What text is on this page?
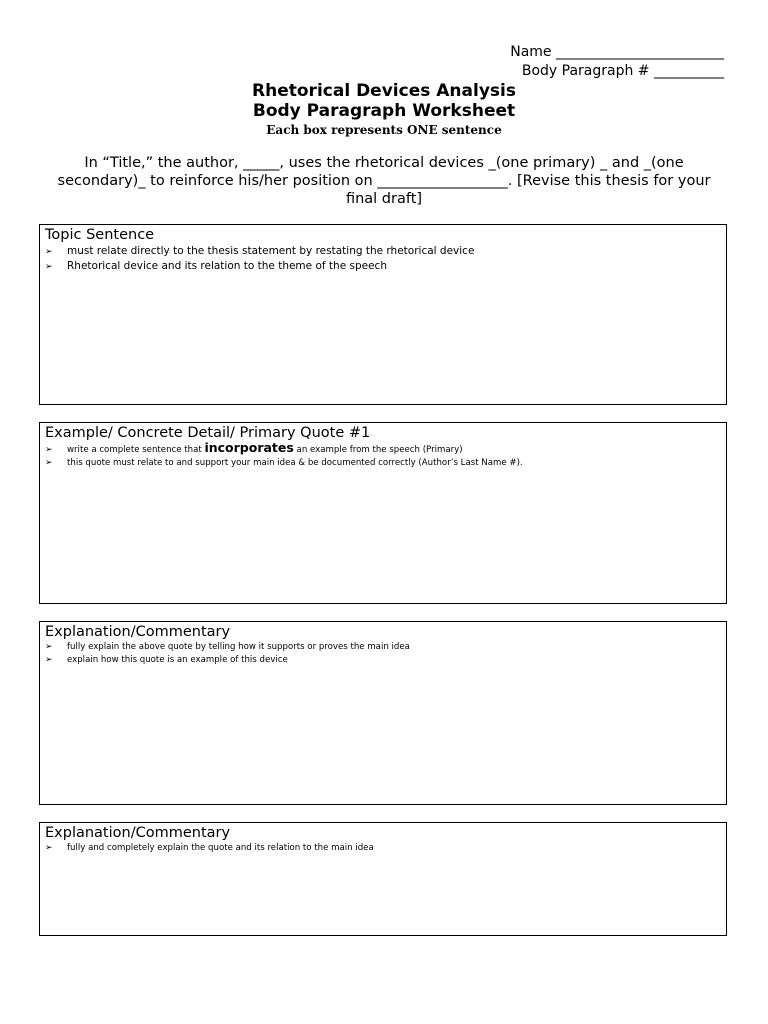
Name ________________________
Body Paragraph # __________
Rhetorical Devices Analysis
Body Paragraph Worksheet
Each box represents ONE sentence
In “Title,” the author, _____, uses the rhetorical devices _(one primary) _ and _(one secondary)_ to reinforce his/her position on __________________. [Revise this thesis for your final draft]
Topic Sentence
➢	must relate directly to the thesis statement by restating the rhetorical device
➢	Rhetorical device and its relation to the theme of the speech
Example/ Concrete Detail/ Primary Quote #1
➢	write a complete sentence that incorporates an example from the speech (Primary)
➢	this quote must relate to and support your main idea & be documented correctly (Author’s Last Name #).
Explanation/Commentary
➢	fully explain the above quote by telling how it supports or proves the main idea
➢	explain how this quote is an example of this device
Explanation/Commentary
➢	fully and completely explain the quote and its relation to the main idea
